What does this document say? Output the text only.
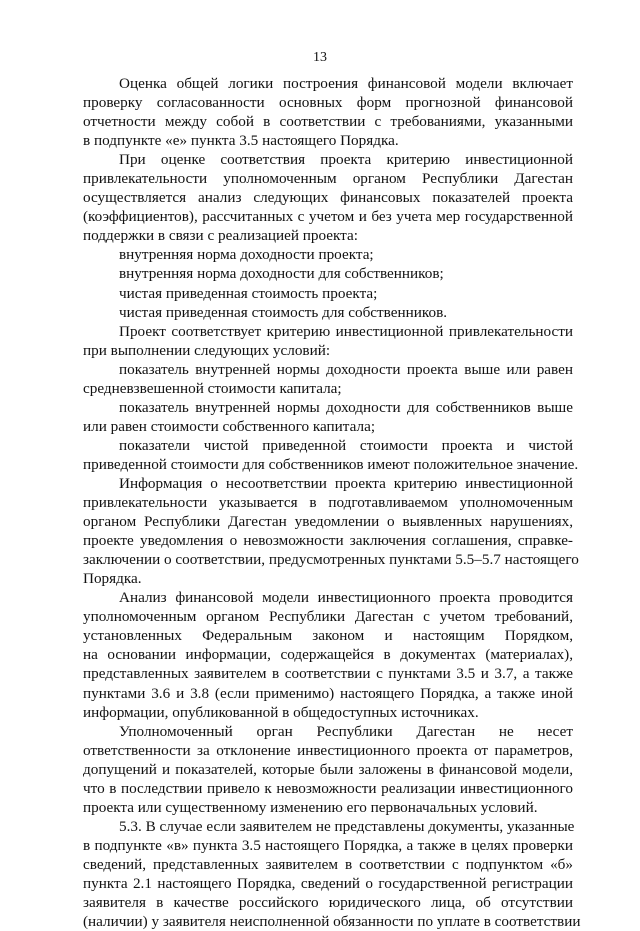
13
Оценка общей логики построения финансовой модели включает
проверку согласованности основных форм прогнозной финансовой
отчетности между собой в соответствии с требованиями, указанными
в подпункте «е» пункта 3.5 настоящего Порядка.
При оценке соответствия проекта критерию инвестиционной
привлекательности уполномоченным органом Республики Дагестан
осуществляется анализ следующих финансовых показателей проекта
(коэффициентов), рассчитанных с учетом и без учета мер государственной
поддержки в связи с реализацией проекта:
внутренняя норма доходности проекта;
внутренняя норма доходности для собственников;
чистая приведенная стоимость проекта;
чистая приведенная стоимость для собственников.
Проект соответствует критерию инвестиционной привлекательности
при выполнении следующих условий:
показатель внутренней нормы доходности проекта выше или равен
средневзвешенной стоимости капитала;
показатель внутренней нормы доходности для собственников выше
или равен стоимости собственного капитала;
показатели чистой приведенной стоимости проекта и чистой
приведенной стоимости для собственников имеют положительное значение.
Информация о несоответствии проекта критерию инвестиционной
привлекательности указывается в подготавливаемом уполномоченным
органом Республики Дагестан уведомлении о выявленных нарушениях,
проекте уведомления о невозможности заключения соглашения, справке-
заключении о соответствии, предусмотренных пунктами 5.5–5.7 настоящего
Порядка.
Анализ финансовой модели инвестиционного проекта проводится
уполномоченным органом Республики Дагестан с учетом требований,
установленных Федеральным законом и настоящим Порядком,
на основании информации, содержащейся в документах (материалах),
представленных заявителем в соответствии с пунктами 3.5 и 3.7, а также
пунктами 3.6 и 3.8 (если применимо) настоящего Порядка, а также иной
информации, опубликованной в общедоступных источниках.
Уполномоченный орган Республики Дагестан не несет
ответственности за отклонение инвестиционного проекта от параметров,
допущений и показателей, которые были заложены в финансовой модели,
что в последствии привело к невозможности реализации инвестиционного
проекта или существенному изменению его первоначальных условий.
5.3. В случае если заявителем не представлены документы, указанные
в подпункте «в» пункта 3.5 настоящего Порядка, а также в целях проверки
сведений, представленных заявителем в соответствии с подпунктом «б»
пункта 2.1 настоящего Порядка, сведений о государственной регистрации
заявителя в качестве российского юридического лица, об отсутствии
(наличии) у заявителя неисполненной обязанности по уплате в соответствии
